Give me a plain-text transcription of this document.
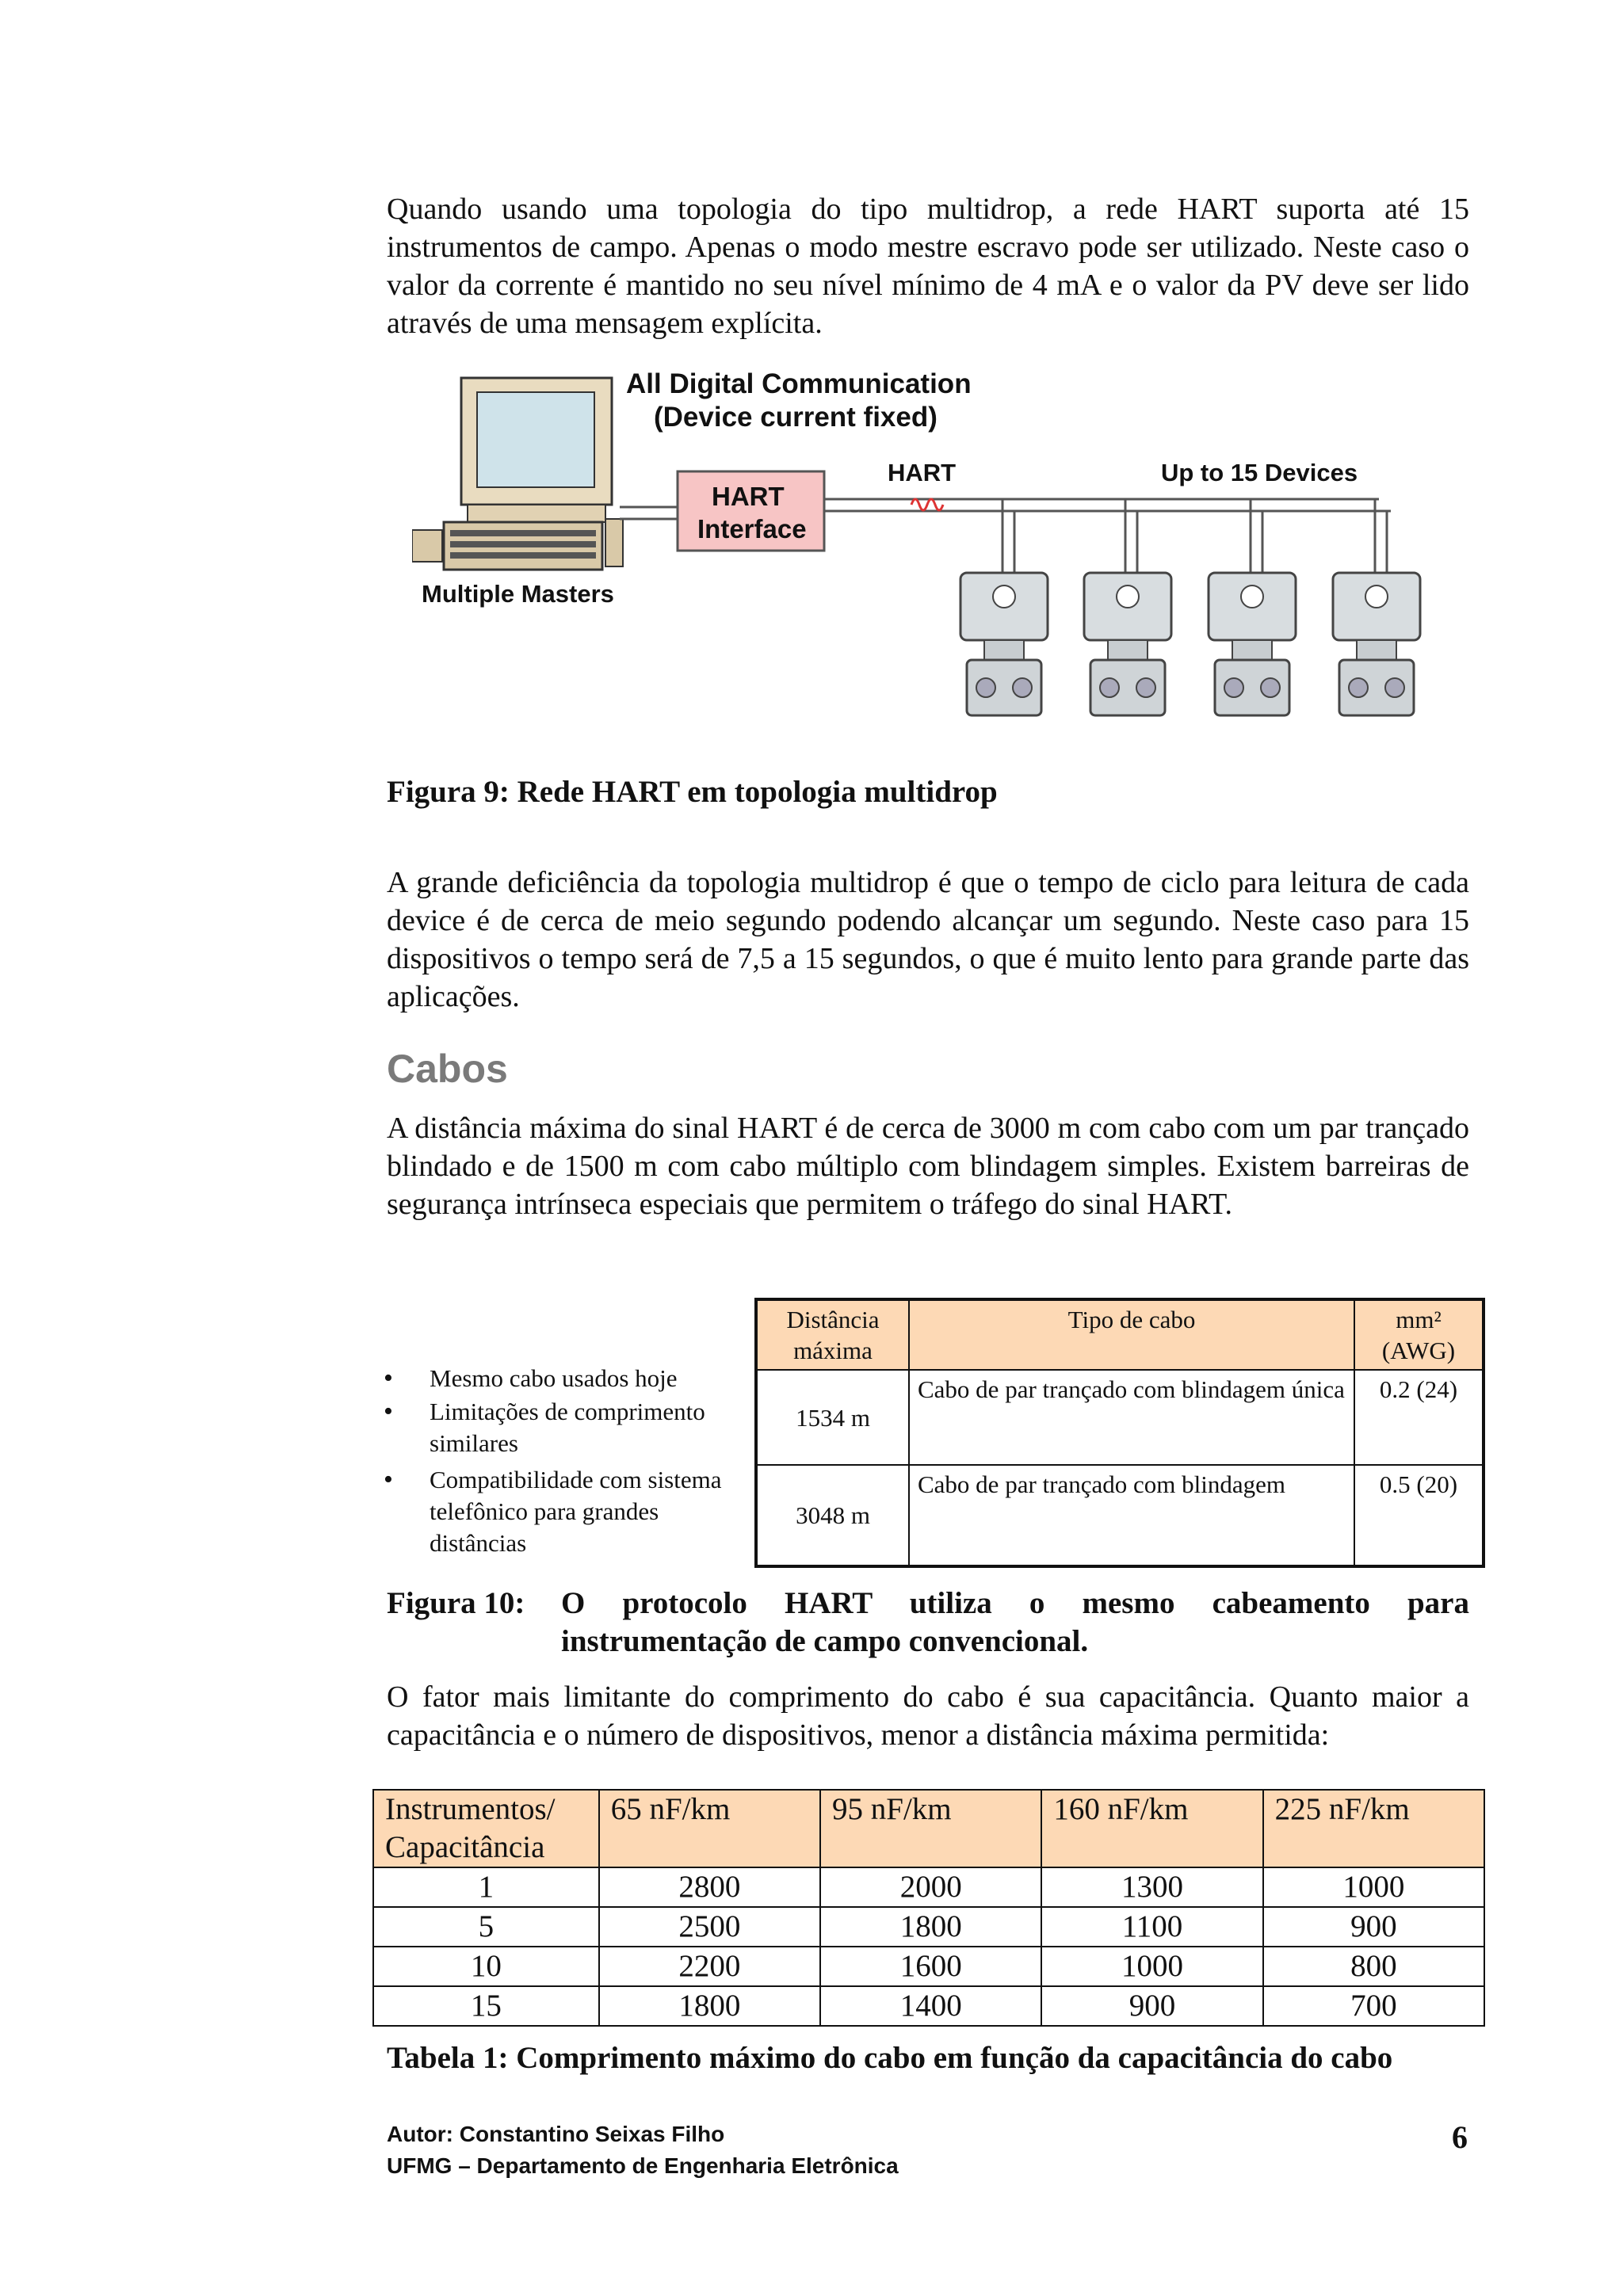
Quando usando uma topologia do tipo multidrop, a rede HART suporta até 15 instrumentos de campo. Apenas o modo mestre escravo pode ser utilizado. Neste caso o valor da corrente é mantido no seu nível mínimo de 4 mA e o valor da PV deve ser lido através de uma mensagem explícita.
All Digital Communication
(Device current fixed)
Multiple Masters
HART
Interface
HART	Up to 15 Devices
Figura 9: Rede HART em topologia multidrop
A grande deficiência da topologia multidrop é que o tempo de ciclo para leitura de cada device é de cerca de meio segundo podendo alcançar um segundo. Neste caso para 15 dispositivos o tempo será de 7,5 a 15 segundos, o que é muito lento para grande parte das aplicações.
Cabos
A distância máxima do sinal HART é de cerca de 3000 m com cabo com um par trançado blindado e de 1500 m com cabo múltiplo com blindagem simples. Existem barreiras de segurança intrínseca especiais que permitem o tráfego do sinal HART.
• Mesmo cabo usados hoje
• Limitações de comprimento similares
• Compatibilidade com sistema telefônico para grandes distâncias
Distância máxima	Tipo de cabo	mm² (AWG)
1534 m	Cabo de par trançado com blindagem única	0.2 (24)
3048 m	Cabo de par trançado com blindagem	0.5 (20)
Figura 10: O protocolo HART utiliza o mesmo cabeamento para instrumentação de campo convencional.
O fator mais limitante do comprimento do cabo é sua capacitância. Quanto maior a capacitância e o número de dispositivos, menor a distância máxima permitida:
Instrumentos/ Capacitância	65 nF/km	95 nF/km	160 nF/km	225 nF/km
1	2800	2000	1300	1000
5	2500	1800	1100	900
10	2200	1600	1000	800
15	1800	1400	900	700
Tabela 1: Comprimento máximo do cabo em função da capacitância do cabo
Autor: Constantino Seixas Filho
UFMG – Departamento de Engenharia Eletrônica
6
